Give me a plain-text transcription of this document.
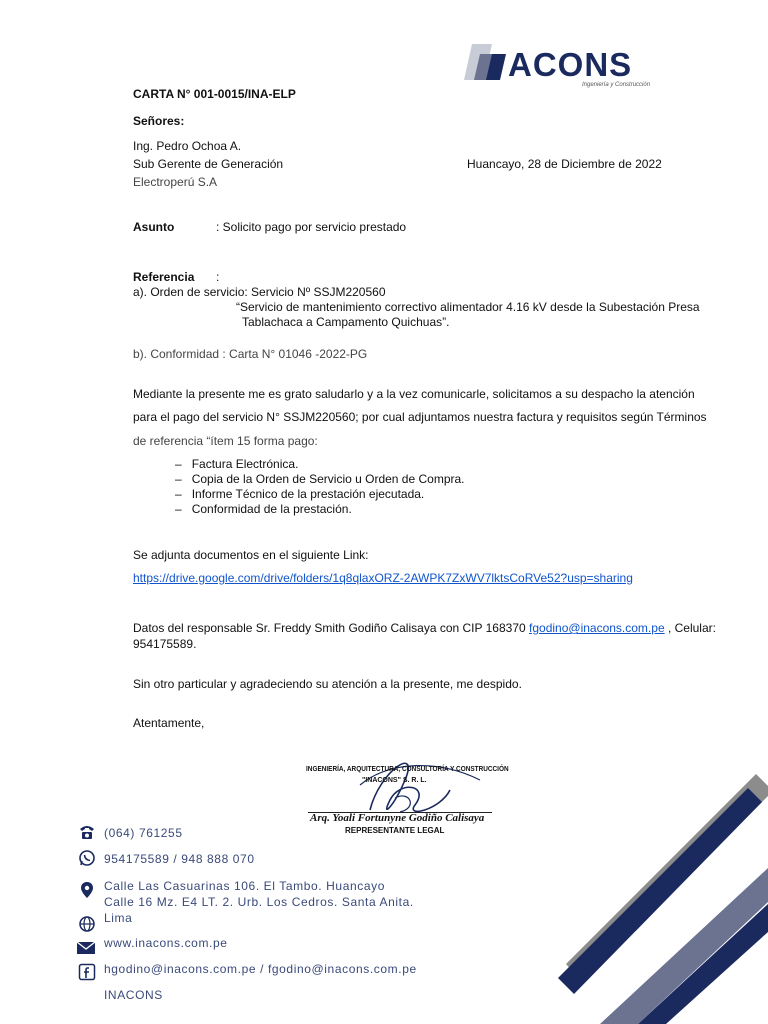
ACONS
Ingeniería y Construcción
CARTA N° 001-0015/INA-ELP
Señores:
Ing. Pedro Ochoa A.
Sub Gerente de Generación
Electroperú S.A
Huancayo, 28 de Diciembre de 2022
Asunto	: Solicito pago por servicio prestado
Referencia :
a). Orden de servicio: Servicio Nº SSJM220560
“Servicio de mantenimiento correctivo alimentador 4.16 kV desde la Subestación Presa
Tablachaca a Campamento Quichuas”.
b). Conformidad : Carta N° 01046 -2022-PG
Mediante la presente me es grato saludarlo y a la vez comunicarle, solicitamos a su despacho la atención
para el pago del servicio N° SSJM220560; por cual adjuntamos nuestra factura y requisitos según Términos
de referencia “ítem 15 forma pago:
–   Factura Electrónica.
–   Copia de la Orden de Servicio u Orden de Compra.
–   Informe Técnico de la prestación ejecutada.
–   Conformidad de la prestación.
Se adjunta documentos en el siguiente Link:
https://drive.google.com/drive/folders/1q8qlaxORZ-2AWPK7ZxWV7lktsCoRVe52?usp=sharing
Datos del responsable Sr. Freddy Smith Godiño Calisaya con CIP 168370 fgodino@inacons.com.pe , Celular:
954175589.
Sin otro particular y agradeciendo su atención a la presente, me despido.
Atentamente,
INGENIERÍA, ARQUITECTURA, CONSULTORÍA Y CONSTRUCCIÓN
"INACONS" S. R. L.
Arq. Yoali Fortunyne Godiño Calisaya
REPRESENTANTE LEGAL
(064) 761255
954175589 / 948 888 070
Calle Las Casuarinas 106. El Tambo. Huancayo
Calle 16 Mz. E4 LT. 2. Urb. Los Cedros. Santa Anita.
Lima
www.inacons.com.pe
hgodino@inacons.com.pe / fgodino@inacons.com.pe
INACONS
